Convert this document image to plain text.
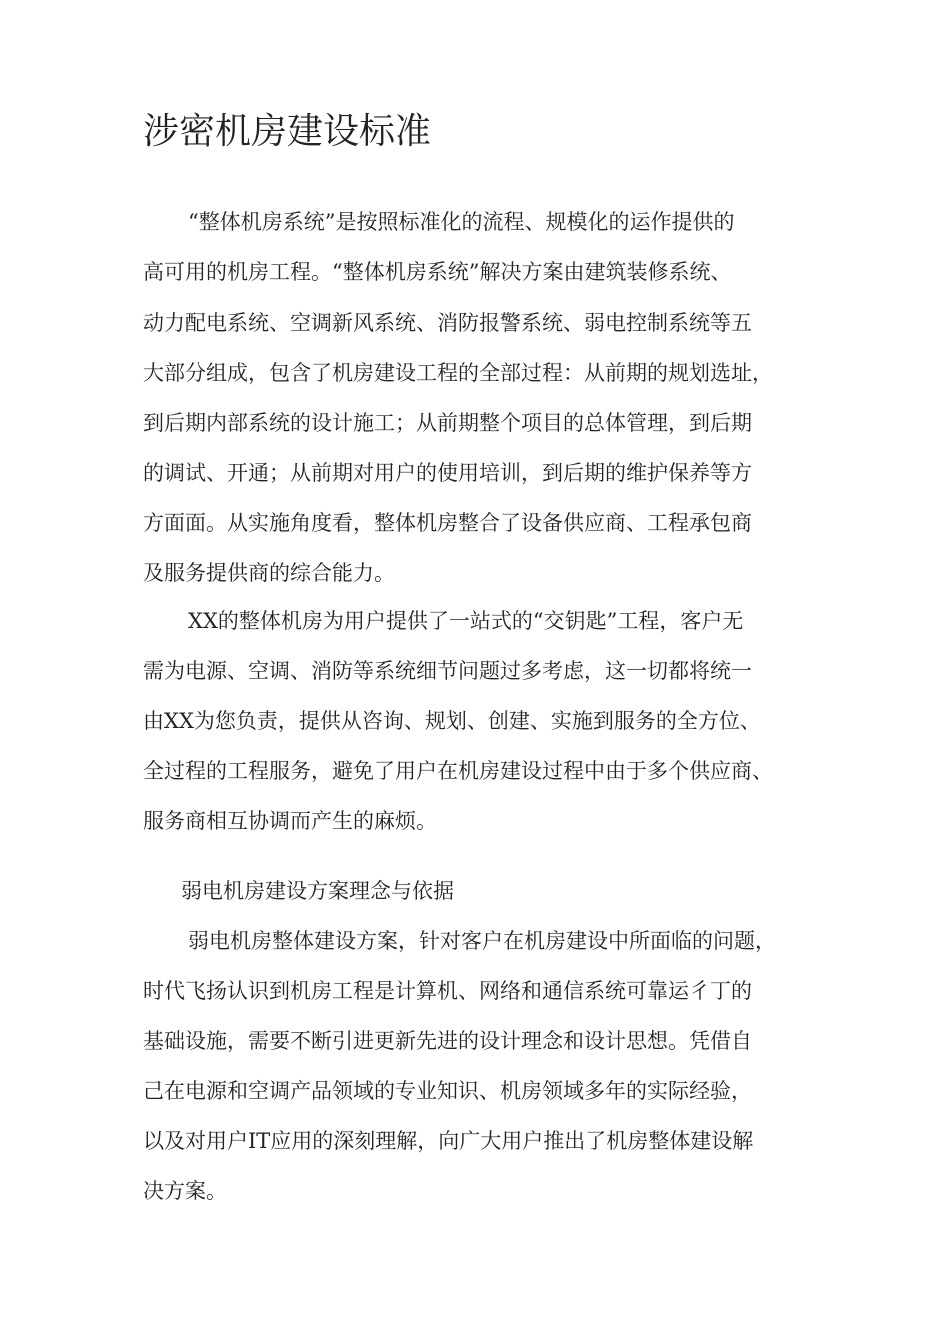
涉密机房建设标准
“整体机房系统”是按照标准化的流程、规模化的运作提供的
高可用的机房工程。“整体机房系统”解决方案由建筑装修系统、
动力配电系统、空调新风系统、消防报警系统、弱电控制系统等五
大部分组成，包含了机房建设工程的全部过程：从前期的规划选址，
到后期内部系统的设计施工；从前期整个项目的总体管理，到后期
的调试、开通；从前期对用户的使用培训，到后期的维护保养等方
方面面。从实施角度看，整体机房整合了设备供应商、工程承包商
及服务提供商的综合能力。
XX的整体机房为用户提供了一站式的“交钥匙”工程，客户无
需为电源、空调、消防等系统细节问题过多考虑，这一切都将统一
由XX为您负责，提供从咨询、规划、创建、实施到服务的全方位、
全过程的工程服务，避免了用户在机房建设过程中由于多个供应商、
服务商相互协调而产生的麻烦。
弱电机房建设方案理念与依据
弱电机房整体建设方案，针对客户在机房建设中所面临的问题，
时代飞扬认识到机房工程是计算机、网络和通信系统可靠运彳丁的
基础设施，需要不断引进更新先进的设计理念和设计思想。凭借自
己在电源和空调产品领域的专业知识、机房领域多年的实际经验，
以及对用户IT应用的深刻理解，向广大用户推出了机房整体建设解
决方案。
